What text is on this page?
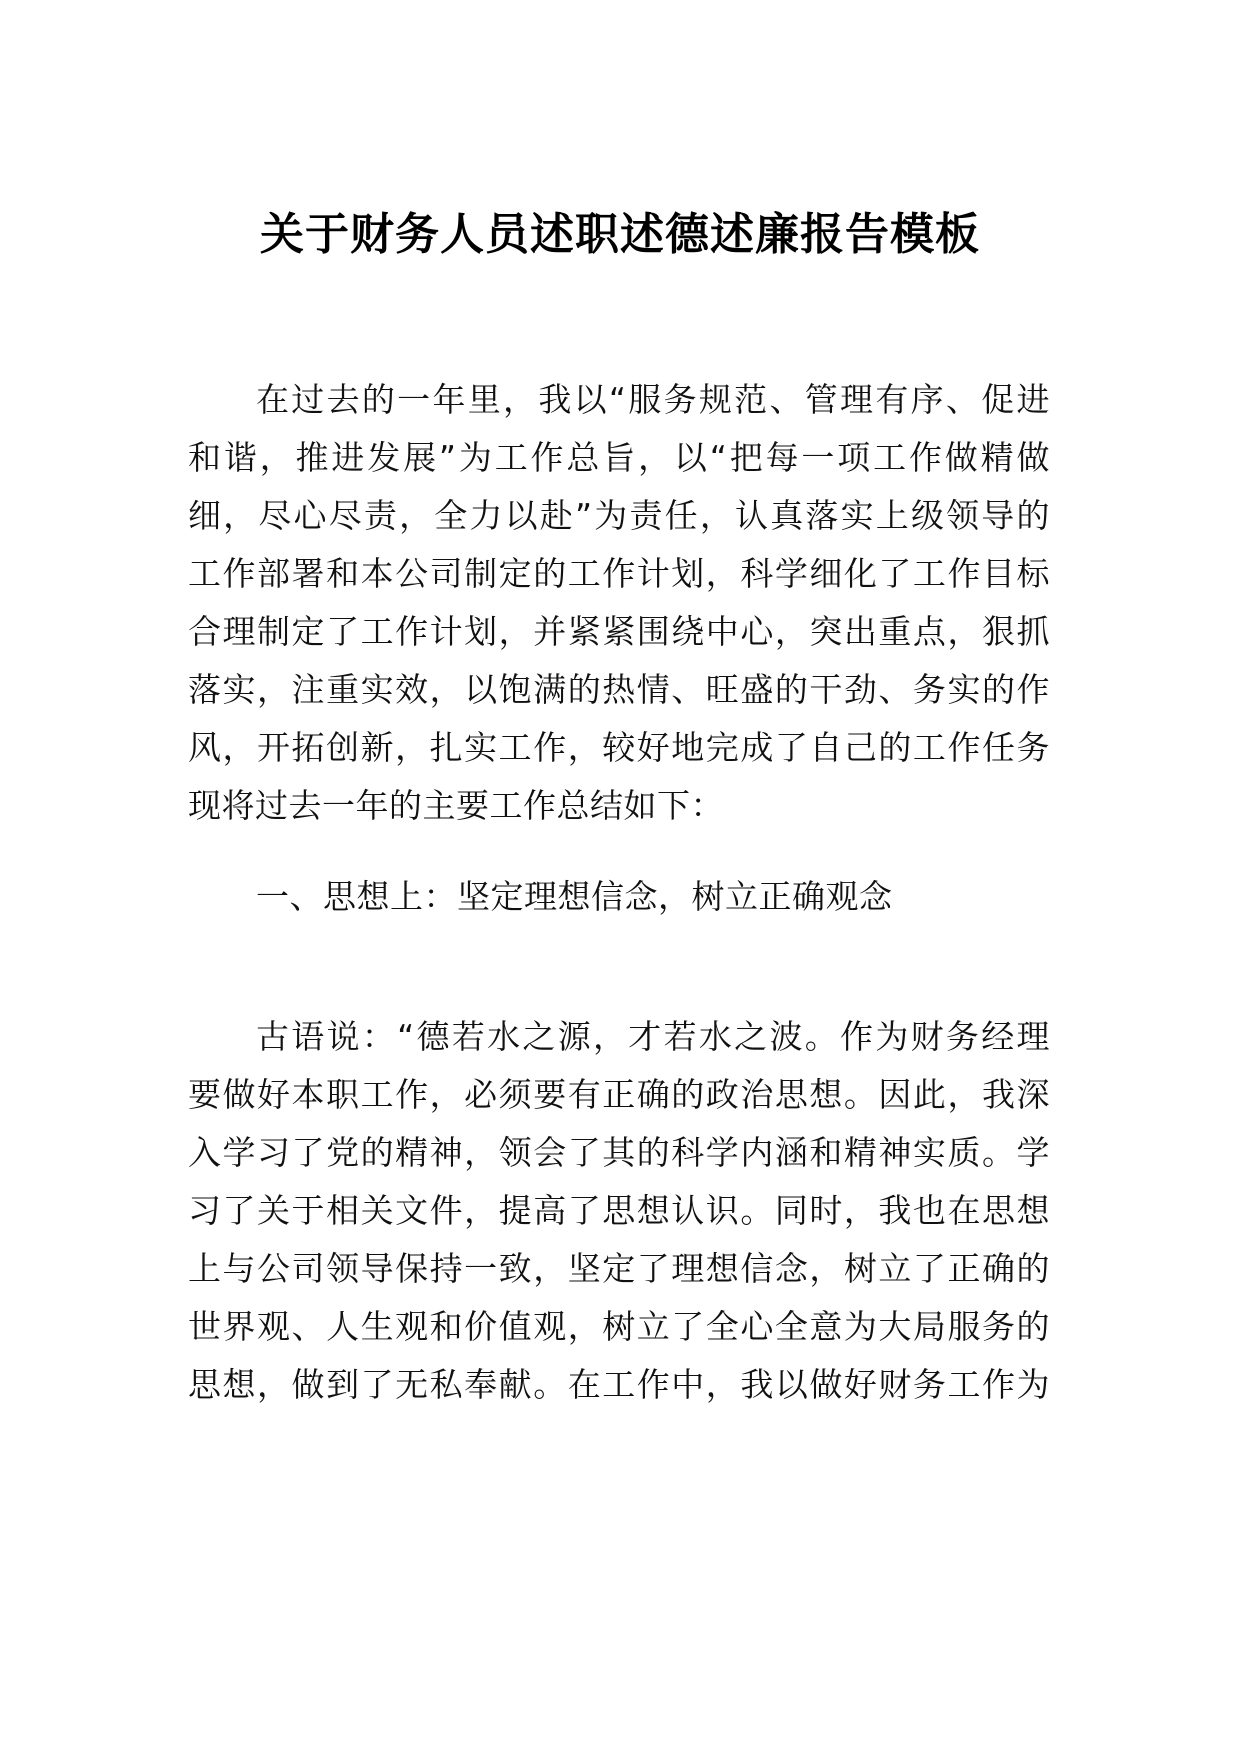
关于财务人员述职述德述廉报告模板
在过去的一年里，我以“服务规范、管理有序、促进
和谐，推进发展”为工作总旨，以“把每一项工作做精做
细，尽心尽责，全力以赴”为责任，认真落实上级领导的
工作部署和本公司制定的工作计划，科学细化了工作目标
合理制定了工作计划，并紧紧围绕中心，突出重点，狠抓
落实，注重实效，以饱满的热情、旺盛的干劲、务实的作
风，开拓创新，扎实工作，较好地完成了自己的工作任务
现将过去一年的主要工作总结如下：
一、思想上：坚定理想信念，树立正确观念
古语说：“德若水之源，才若水之波。作为财务经理
要做好本职工作，必须要有正确的政治思想。因此，我深
入学习了党的精神，领会了其的科学内涵和精神实质。学
习了关于相关文件，提高了思想认识。同时，我也在思想
上与公司领导保持一致，坚定了理想信念，树立了正确的
世界观、人生观和价值观，树立了全心全意为大局服务的
思想，做到了无私奉献。在工作中，我以做好财务工作为
